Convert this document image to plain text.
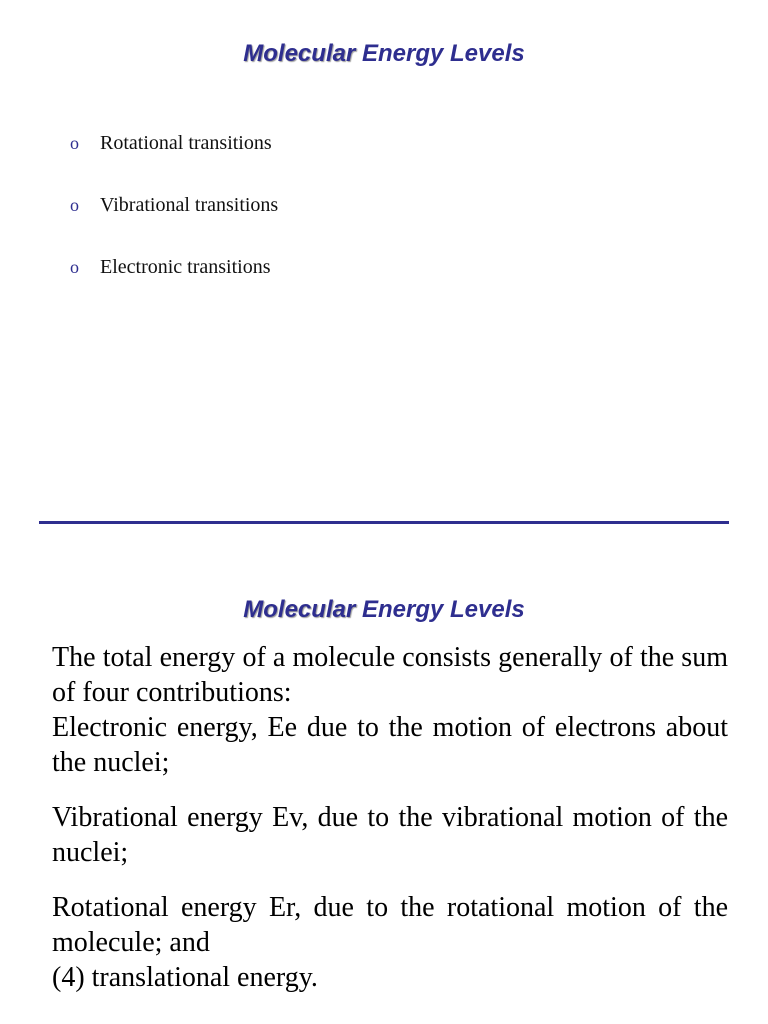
Molecular Energy Levels
o	Rotational transitions
o	Vibrational transitions
o	Electronic transitions
Molecular Energy Levels

The total energy of a molecule consists generally of the sum of four contributions:

Electronic energy, Ee due to the motion of electrons about the nuclei;

Vibrational energy Ev, due to the vibrational motion of the nuclei;

Rotational energy Er, due to the rotational motion of the molecule; and

(4) translational energy.
